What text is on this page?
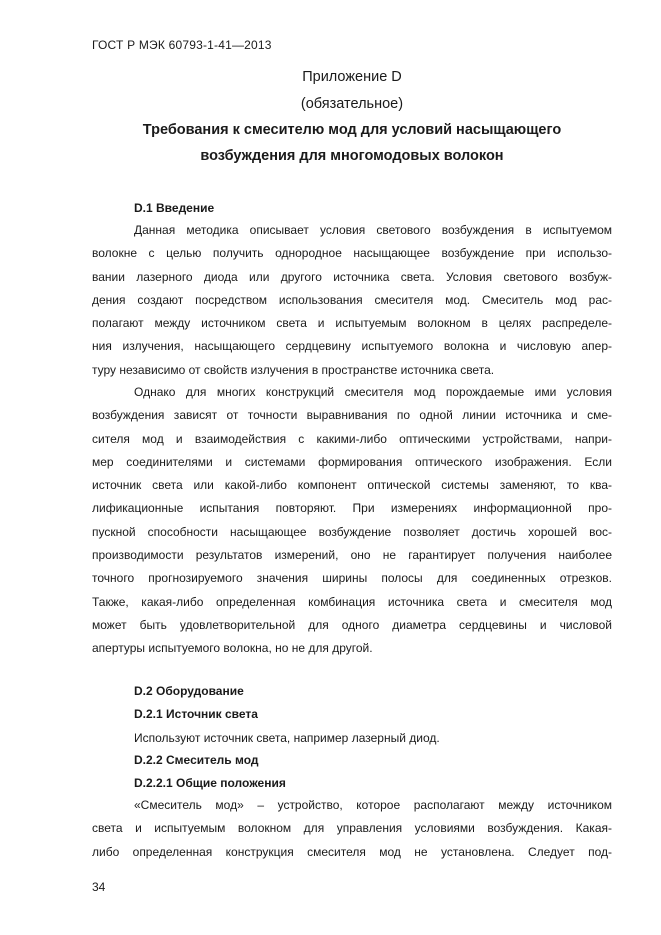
ГОСТ Р МЭК 60793-1-41—2013
Приложение D
(обязательное)
Требования к смесителю мод для условий насыщающего
возбуждения для многомодовых волокон
D.1 Введение
Данная методика описывает условия светового возбуждения в испытуемом
волокне с целью получить однородное насыщающее возбуждение при использо-
вании лазерного диода или другого источника света. Условия светового возбуж-
дения создают посредством использования смесителя мод. Смеситель мод рас-
полагают между источником света и испытуемым волокном в целях распределе-
ния излучения, насыщающего сердцевину испытуемого волокна и числовую апер-
туру независимо от свойств излучения в пространстве источника света.
Однако для многих конструкций смесителя мод порождаемые ими условия
возбуждения зависят от точности выравнивания по одной линии источника и сме-
сителя мод и взаимодействия с какими-либо оптическими устройствами, напри-
мер соединителями и системами формирования оптического изображения. Если
источник света или какой-либо компонент оптической системы заменяют, то ква-
лификационные испытания повторяют. При измерениях информационной про-
пускной способности насыщающее возбуждение позволяет достичь хорошей вос-
производимости результатов измерений, оно не гарантирует получения наиболее
точного прогнозируемого значения ширины полосы для соединенных отрезков.
Также, какая-либо определенная комбинация источника света и смесителя мод
может быть удовлетворительной для одного диаметра сердцевины и числовой
апертуры испытуемого волокна, но не для другой.
D.2 Оборудование
D.2.1 Источник света
Используют источник света, например лазерный диод.
D.2.2 Смеситель мод
D.2.2.1 Общие положения
«Смеситель мод» – устройство, которое располагают между источником
света и испытуемым волокном для управления условиями возбуждения. Какая-
либо определенная конструкция смесителя мод не установлена. Следует под-
34
